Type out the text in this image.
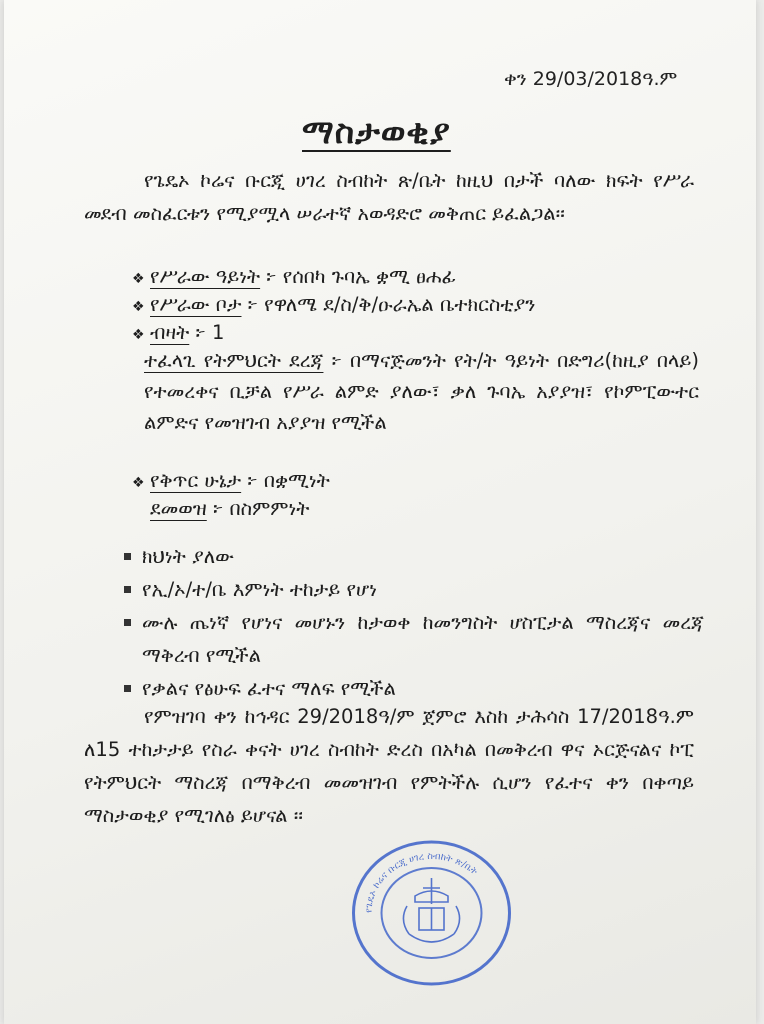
ቀን 29/03/2018ዓ.ም
ማስታወቂያ
የጌዴኦ ኮሬና ቡርጂ ሀገረ ስብከት ጽ/ቤት ከዚህ በታች ባለው ክፍት የሥራ መደብ መስፈርቱን የሚያሟላ ሠራተኛ አወዳድሮ መቅጠር ይፈልጋል፡፡
❖ የሥራው ዓይነት ፦ የሰበካ ጉባኤ ቋሚ ፀሐፊ
❖ የሥራው ቦታ ፦ የዋለሜ ደ/ስ/ቅ/ዑራኤል ቤተክርስቲያን
❖ ብዛት ፦ 1
ተፈላጊ የትምህርት ደረጃ ፦ በማናጅመንት የት/ት ዓይነት በድግሪ(ከዚያ በላይ) የተመረቀና ቢቻል የሥራ ልምድ ያለው፣ ቃለ ጉባኤ አያያዝ፣ የኮምፒውተር ልምድና የመዝገብ አያያዝ የሚችል
❖ የቅጥር ሁኔታ ፦ በቋሚነት
ደመወዝ ፦ በስምምነት
ክህነት ያለው
የኢ/ኦ/ተ/ቤ እምነት ተከታይ የሆነ
ሙሉ ጤነኛ የሆነና መሆኑን ከታወቀ ከመንግስት ሆስፒታል ማስረጃና መረጃ ማቅረብ የሚችል
የቃልና የፅሁፍ ፈተና ማለፍ የሚችል
የምዝገባ ቀን ከኅዳር 29/2018ዓ/ም ጀምሮ እስከ ታሕሳስ 17/2018ዓ.ም ለ15 ተከታታይ የስራ ቀናት ሀገረ ስብከት ድረስ በአካል በመቅረብ ዋና ኦርጅናልና ኮፒ የትምህርት ማስረጃ በማቅረብ መመዝገብ የምትችሉ ሲሆን የፈተና ቀን በቀጣይ ማስታወቂያ የሚገለፅ ይሆናል ፡፡
የጌዴኦ ኮሬና ቡርጂ ሀገረ ስብከት ጽ/ቤት
